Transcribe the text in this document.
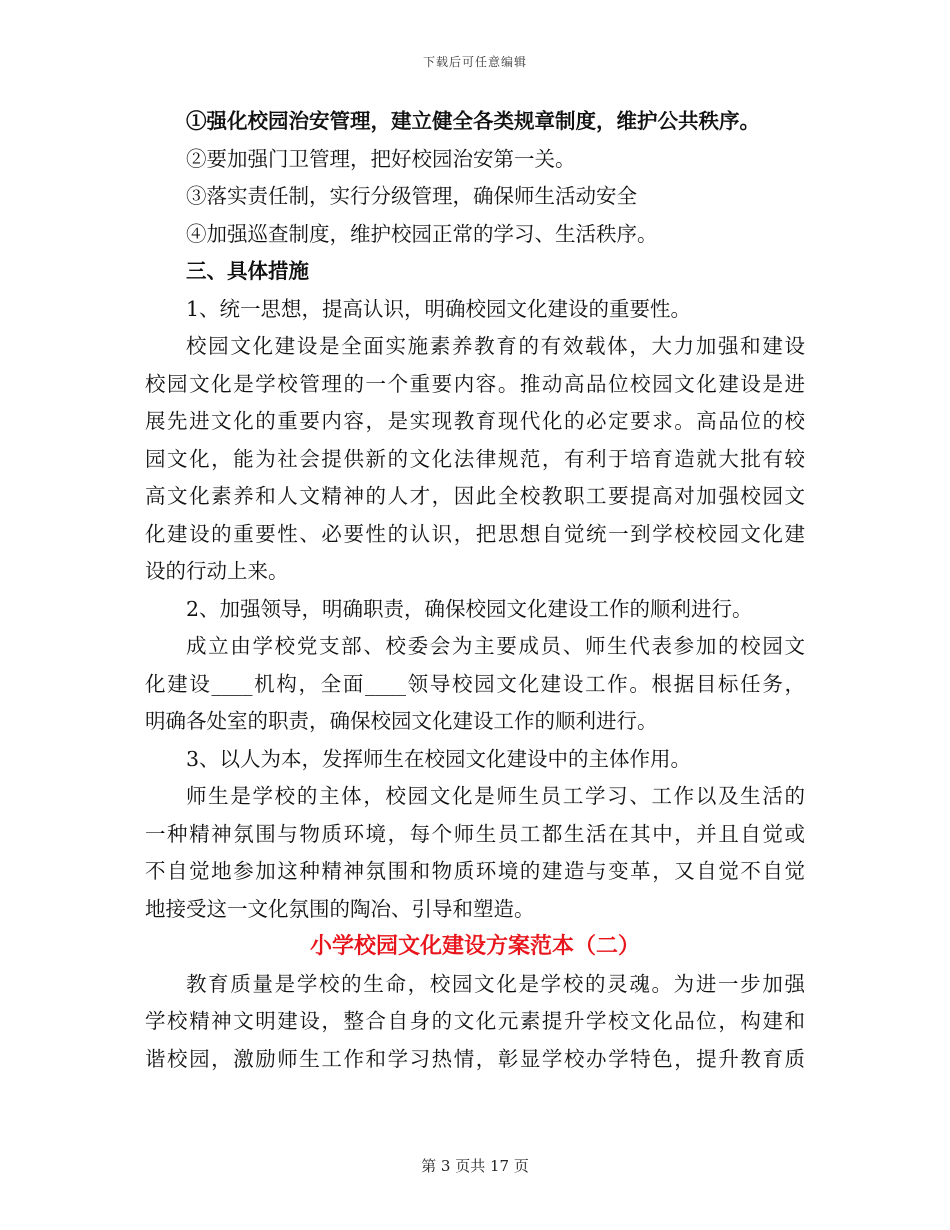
下载后可任意编辑
①强化校园治安管理，建立健全各类规章制度，维护公共秩序。
②要加强门卫管理，把好校园治安第一关。
③落实责任制，实行分级管理，确保师生活动安全
④加强巡查制度，维护校园正常的学习、生活秩序。
三、具体措施
1、统一思想，提高认识，明确校园文化建设的重要性。
校园文化建设是全面实施素养教育的有效载体，大力加强和建设
校园文化是学校管理的一个重要内容。推动高品位校园文化建设是进
展先进文化的重要内容，是实现教育现代化的必定要求。高品位的校
园文化，能为社会提供新的文化法律规范，有利于培育造就大批有较
高文化素养和人文精神的人才，因此全校教职工要提高对加强校园文
化建设的重要性、必要性的认识，把思想自觉统一到学校校园文化建
设的行动上来。
2、加强领导，明确职责，确保校园文化建设工作的顺利进行。
成立由学校党支部、校委会为主要成员、师生代表参加的校园文
化建设____机构，全面____领导校园文化建设工作。根据目标任务，
明确各处室的职责，确保校园文化建设工作的顺利进行。
3、以人为本，发挥师生在校园文化建设中的主体作用。
师生是学校的主体，校园文化是师生员工学习、工作以及生活的
一种精神氛围与物质环境，每个师生员工都生活在其中，并且自觉或
不自觉地参加这种精神氛围和物质环境的建造与变革，又自觉不自觉
地接受这一文化氛围的陶冶、引导和塑造。
小学校园文化建设方案范本（二）
教育质量是学校的生命，校园文化是学校的灵魂。为进一步加强
学校精神文明建设，整合自身的文化元素提升学校文化品位，构建和
谐校园，激励师生工作和学习热情，彰显学校办学特色，提升教育质
第 3 页共 17 页
